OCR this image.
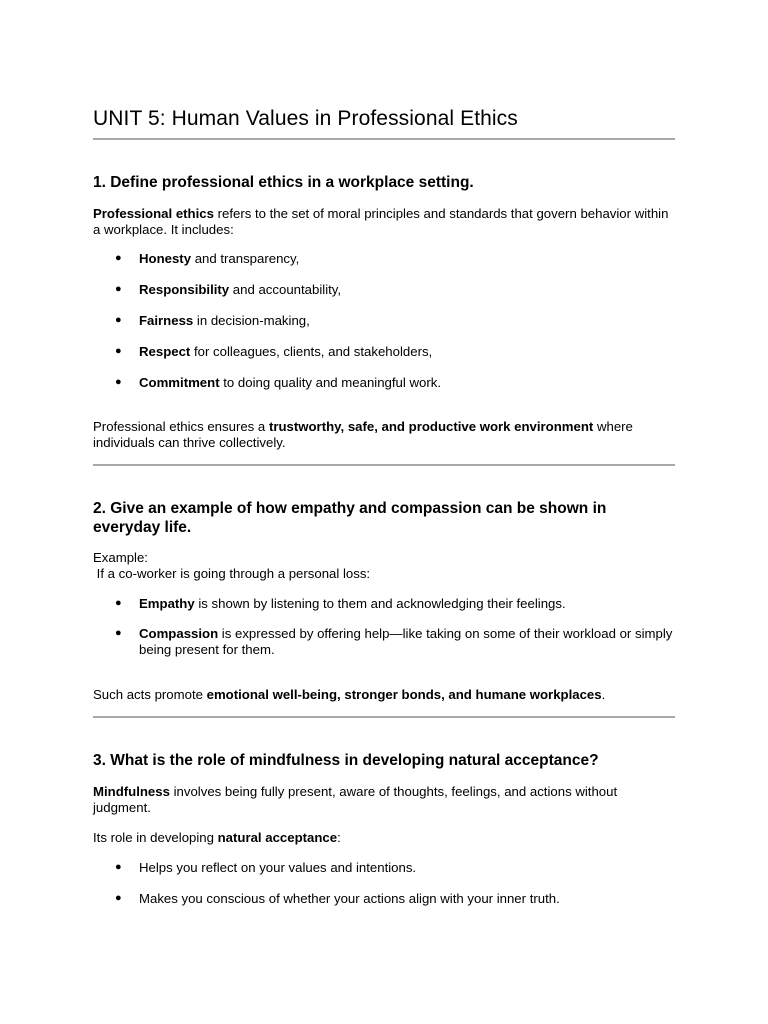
UNIT 5: Human Values in Professional Ethics
1. Define professional ethics in a workplace setting.

Professional ethics refers to the set of moral principles and standards that govern behavior within a workplace. It includes:

● Honesty and transparency,
● Responsibility and accountability,
● Fairness in decision-making,
● Respect for colleagues, clients, and stakeholders,
● Commitment to doing quality and meaningful work.

Professional ethics ensures a trustworthy, safe, and productive work environment where individuals can thrive collectively.

2. Give an example of how empathy and compassion can be shown in everyday life.

Example:
If a co-worker is going through a personal loss:

● Empathy is shown by listening to them and acknowledging their feelings.
● Compassion is expressed by offering help—like taking on some of their workload or simply being present for them.

Such acts promote emotional well-being, stronger bonds, and humane workplaces.

3. What is the role of mindfulness in developing natural acceptance?

Mindfulness involves being fully present, aware of thoughts, feelings, and actions without judgment.

Its role in developing natural acceptance:

● Helps you reflect on your values and intentions.
● Makes you conscious of whether your actions align with your inner truth.
